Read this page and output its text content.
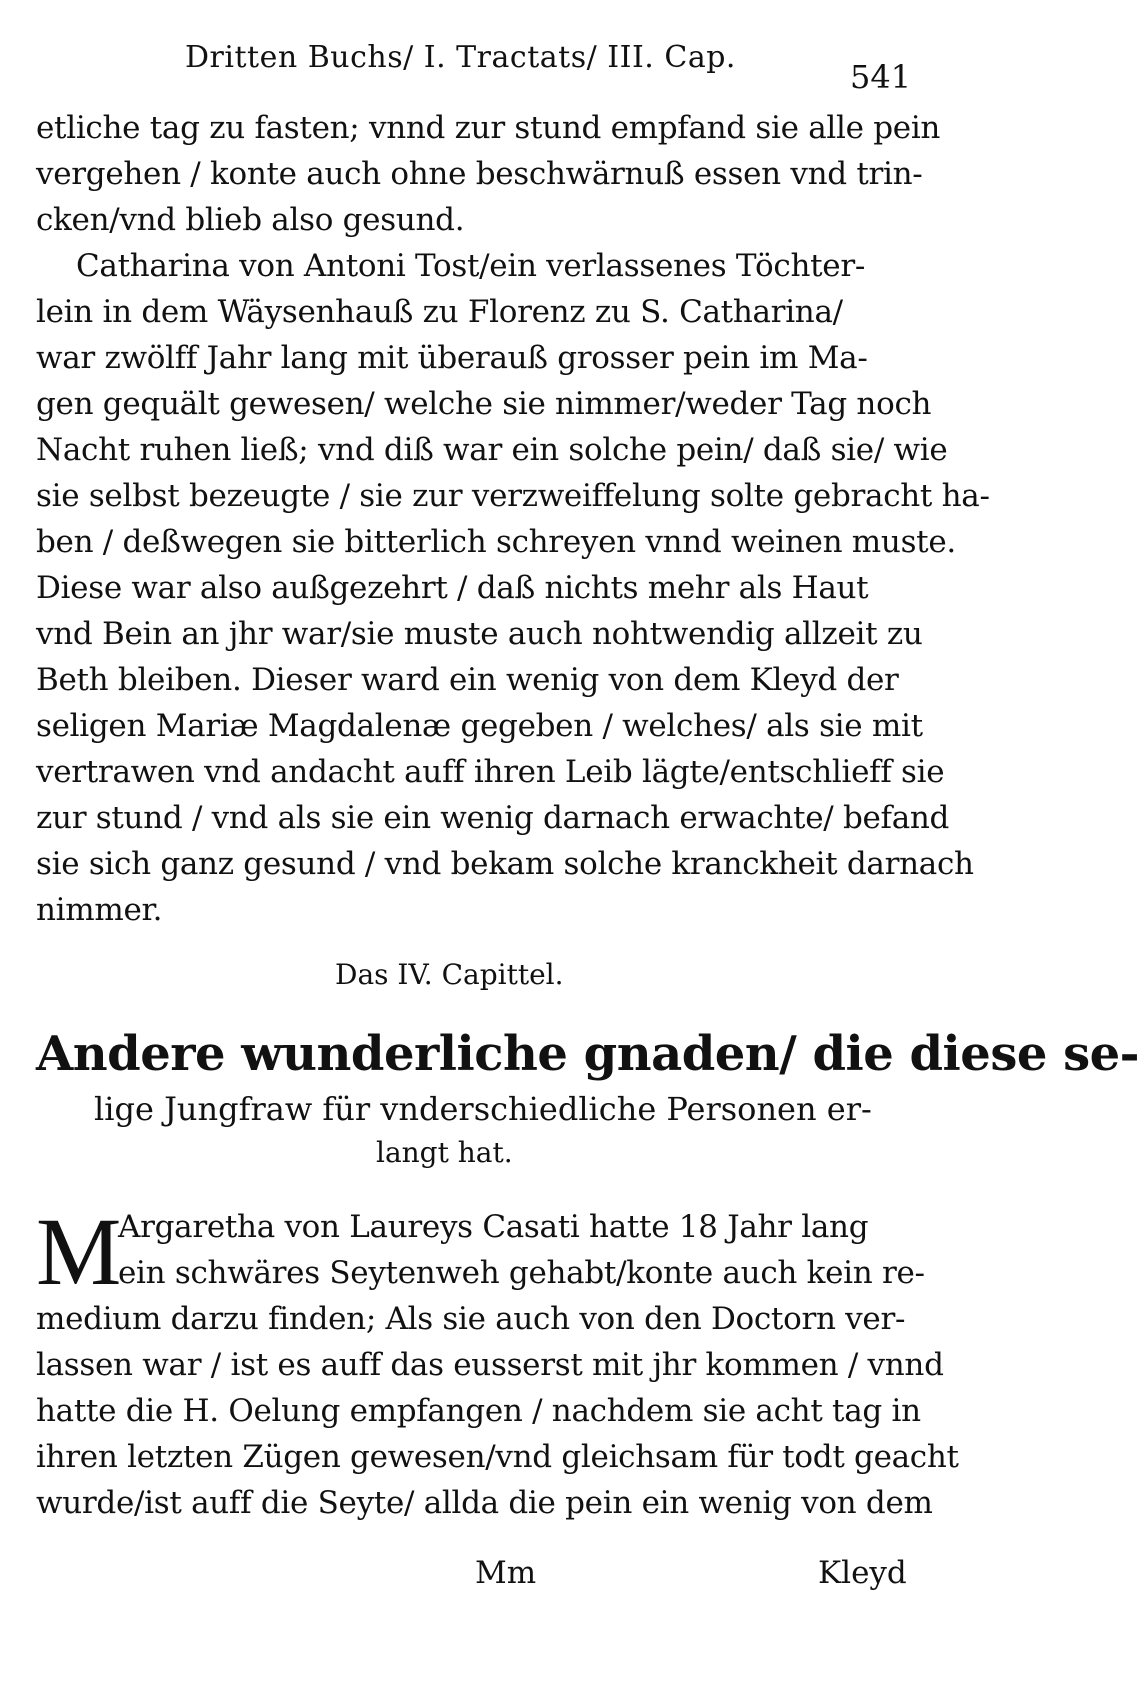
Dritten Buchs/ I. Tractats/ III. Cap.
541
etliche tag zu fasten; vnnd zur stund empfand sie alle pein
vergehen / konte auch ohne beschwärnuß essen vnd trin-
cken/vnd blieb also gesund.
Catharina von Antoni Tost/ein verlassenes Töchter-
lein in dem Wäysenhauß zu Florenz zu S. Catharina/
war zwölff Jahr lang mit überauß grosser pein im Ma-
gen gequält gewesen/ welche sie nimmer/weder Tag noch
Nacht ruhen ließ; vnd diß war ein solche pein/ daß sie/ wie
sie selbst bezeugte / sie zur verzweiffelung solte gebracht ha-
ben / deßwegen sie bitterlich schreyen vnnd weinen muste.
Diese war also außgezehrt / daß nichts mehr als Haut
vnd Bein an jhr war/sie muste auch nohtwendig allzeit zu
Beth bleiben. Dieser ward ein wenig von dem Kleyd der
seligen Mariæ Magdalenæ gegeben / welches/ als sie mit
vertrawen vnd andacht auff ihren Leib lägte/entschlieff sie
zur stund / vnd als sie ein wenig darnach erwachte/ befand
sie sich ganz gesund / vnd bekam solche kranckheit darnach
nimmer.
Das IV. Capittel.
Andere wunderliche gnaden/ die diese se-
lige Jungfraw für vnderschiedliche Personen er-
langt hat.
M
Argaretha von Laureys Casati hatte 18 Jahr lang
ein schwäres Seytenweh gehabt/konte auch kein re-
medium darzu finden; Als sie auch von den Doctorn ver-
lassen war / ist es auff das eusserst mit jhr kommen / vnnd
hatte die H. Oelung empfangen / nachdem sie acht tag in
ihren letzten Zügen gewesen/vnd gleichsam für todt geacht
wurde/ist auff die Seyte/ allda die pein ein wenig von dem
Mm	Kleyd
